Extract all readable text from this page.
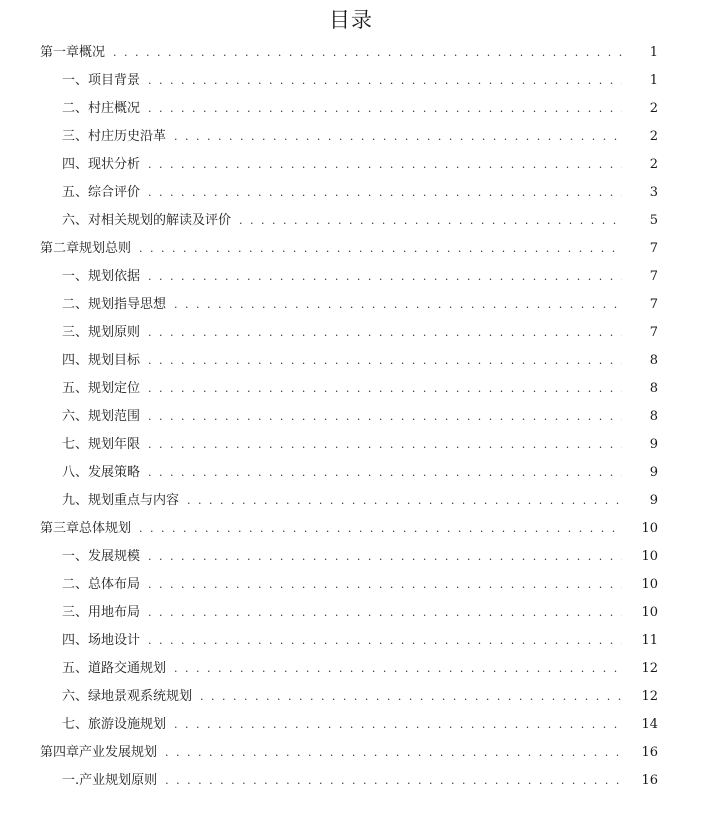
目录
第一章 概况 . . .	1
一、项目背景 . . .	1
二、村庄概况 . . .	2
三、村庄历史沿革 . . .	2
四、现状分析 . . .	2
五、综合评价 . . .	3
六、对相关规划的解读及评价 . . .	5
第二章 规划总则 . . .	7
一、规划依据 . . .	7
二、规划指导思想 . . .	7
三、规划原则 . . .	7
四、规划目标 . . .	8
五、规划定位 . . .	8
六、规划范围 . . .	8
七、规划年限 . . .	9
八、发展策略 . . .	9
九、规划重点与内容 . . .	9
第三章 总体规划 . . .	10
一、发展规模 . . .	10
二、总体布局 . . .	10
三、用地布局 . . .	10
四、场地设计 . . .	11
五、道路交通规划 . . .	12
六、绿地景观系统规划 . . .	12
七、旅游设施规划 . . .	14
第四章 产业发展规划 . . .	16
一.产业规划原则 . . .	16
